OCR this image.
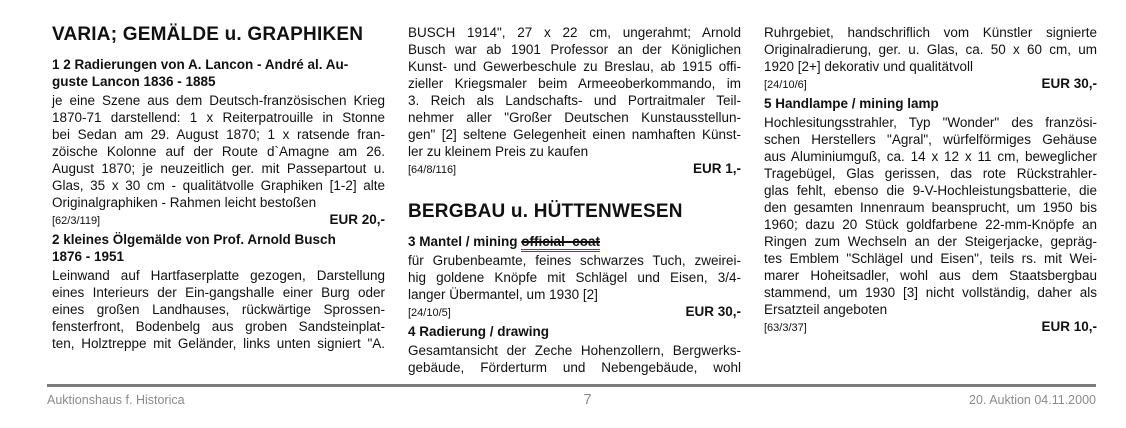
VARIA; GEMÄLDE u. GRAPHIKEN
1 2 Radierungen von A. Lancon - André al. Au-
guste Lancon 1836 - 1885
je eine Szene aus dem Deutsch-französischen Krieg
1870-71 darstellend: 1 x Reiterpatrouille in Stonne
bei Sedan am 29. August 1870; 1 x ratsende fran-
zöische Kolonne auf der Route d`Amagne am 26.
August 1870; je neuzeitlich ger. mit Passepartout u.
Glas, 35 x 30 cm - qualitätvolle Graphiken [1-2] alte
Originalgraphiken - Rahmen leicht bestoßen
[62/3/119]	EUR 20,-
2 kleines Ölgemälde von Prof. Arnold Busch
1876 - 1951
Leinwand auf Hartfaserplatte gezogen, Darstellung
eines Interieurs der Ein-gangshalle einer Burg oder
eines großen Landhauses, rückwärtige Sprossen-
fensterfront, Bodenbelg aus groben Sandsteinplat-
ten, Holztreppe mit Geländer, links unten signiert "A.
BUSCH 1914", 27 x 22 cm, ungerahmt; Arnold
Busch war ab 1901 Professor an der Königlichen
Kunst- und Gewerbeschule zu Breslau, ab 1915 offi-
zieller Kriegsmaler beim Armeeoberkommando, im
3. Reich als Landschafts- und Portraitmaler Teil-
nehmer aller "Großer Deutschen Kunstausstellun-
gen" [2] seltene Gelegenheit einen namhaften Künst-
ler zu kleinem Preis zu kaufen
[64/8/116]	EUR 1,-
BERGBAU u. HÜTTENWESEN
3 Mantel / mining official  coat
für Grubenbeamte, feines schwarzes Tuch, zweirei-
hig goldene Knöpfe mit Schlägel und Eisen, 3/4-
langer Übermantel, um 1930 [2]
[24/10/5]	EUR 30,-
4 Radierung / drawing
Gesamtansicht der Zeche Hohenzollern, Bergwerks-
gebäude, Förderturm und Nebengebäude, wohl
Ruhrgebiet, handschriflich vom Künstler signierte
Originalradierung, ger. u. Glas, ca. 50 x 60 cm, um
1920 [2+] dekorativ und qualitätvoll
[24/10/6]	EUR 30,-
5 Handlampe / mining lamp
Hochlesitungsstrahler, Typ "Wonder" des französi-
schen Herstellers "Agral", würfelförmiges Gehäuse
aus Aluminiumguß, ca. 14 x 12 x 11 cm, beweglicher
Tragebügel, Glas gerissen, das rote Rückstrahler-
glas fehlt, ebenso die 9-V-Hochleistungsbatterie, die
den gesamten Innenraum beansprucht, um 1950 bis
1960; dazu 20 Stück goldfarbene 22-mm-Knöpfe an
Ringen zum Wechseln an der Steigerjacke, gepräg-
tes Emblem "Schlägel und Eisen", teils rs. mit Wei-
marer Hoheitsadler, wohl aus dem Staatsbergbau
stammend, um 1930 [3] nicht vollständig, daher als
Ersatzteil angeboten
[63/3/37]	EUR 10,-
Auktionshaus f. Historica	7	20. Auktion 04.11.2000
